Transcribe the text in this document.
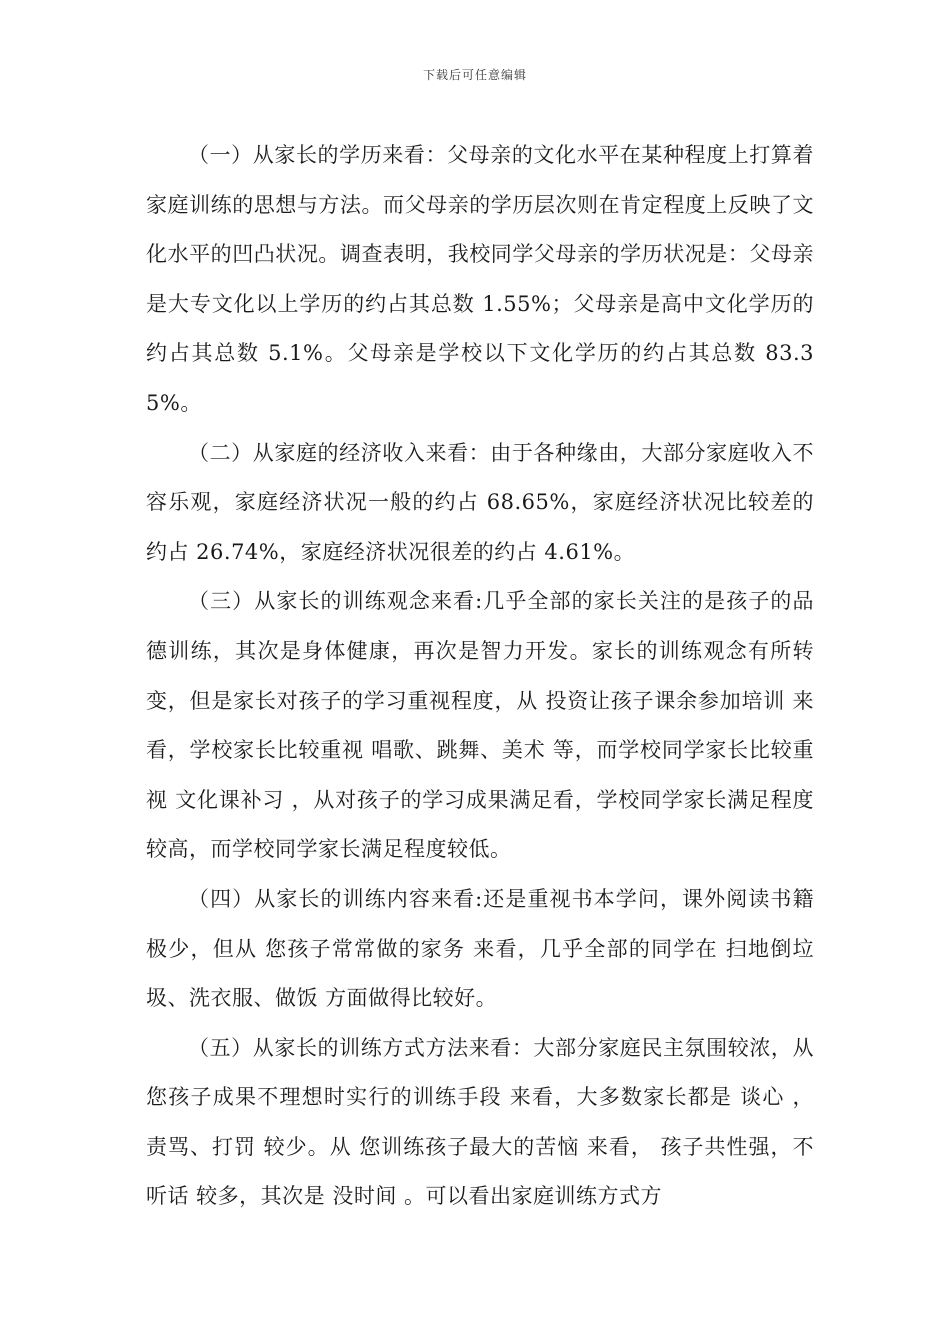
下载后可任意编辑

（一）从家长的学历来看：父母亲的文化水平在某种程度上打算着家庭训练的思想与方法。而父母亲的学历层次则在肯定程度上反映了文化水平的凹凸状况。调查表明，我校同学父母亲的学历状况是：父母亲是大专文化以上学历的约占其总数 1.55%；父母亲是高中文化学历的约占其总数 5.1%。父母亲是学校以下文化学历的约占其总数 83.35%。

（二）从家庭的经济收入来看：由于各种缘由，大部分家庭收入不容乐观，家庭经济状况一般的约占 68.65%，家庭经济状况比较差的约占 26.74%，家庭经济状况很差的约占 4.61%。

（三）从家长的训练观念来看:几乎全部的家长关注的是孩子的品德训练，其次是身体健康，再次是智力开发。家长的训练观念有所转变，但是家长对孩子的学习重视程度，从 投资让孩子课余参加培训 来看，学校家长比较重视 唱歌、跳舞、美术 等，而学校同学家长比较重视 文化课补习 ，从对孩子的学习成果满足看，学校同学家长满足程度较高，而学校同学家长满足程度较低。

（四）从家长的训练内容来看:还是重视书本学问，课外阅读书籍极少，但从 您孩子常常做的家务 来看，几乎全部的同学在 扫地倒垃圾、洗衣服、做饭 方面做得比较好。

（五）从家长的训练方式方法来看：大部分家庭民主氛围较浓，从 您孩子成果不理想时实行的训练手段 来看，大多数家长都是 谈心 ， 责骂、打罚 较少。从 您训练孩子最大的苦恼 来看， 孩子共性强，不听话 较多，其次是 没时间 。可以看出家庭训练方式方
